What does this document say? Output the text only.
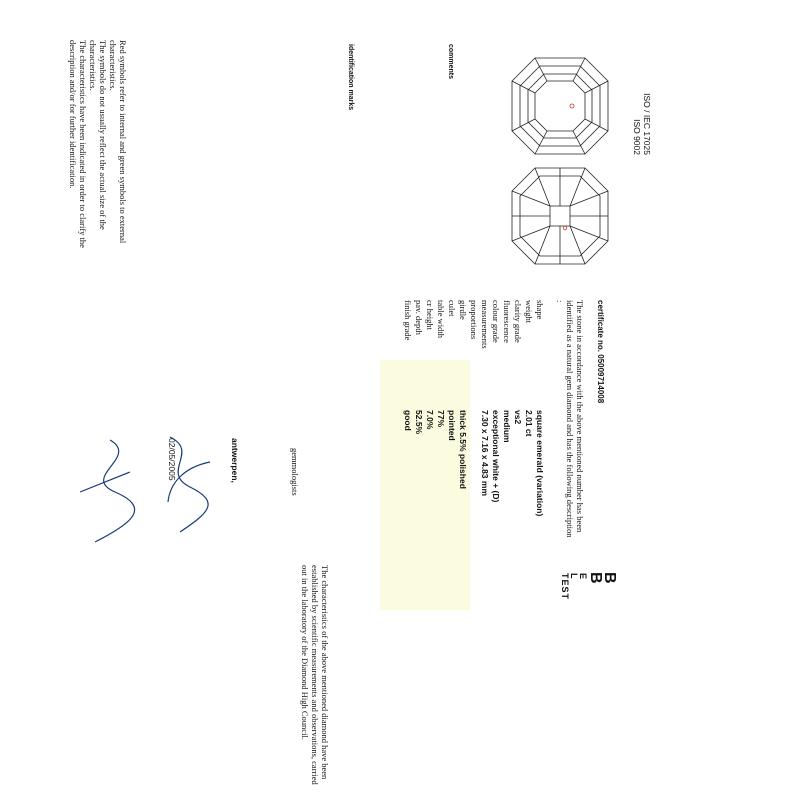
ISO / IEC 17025
ISO 9002
B
B
E
L
TEST
comments
identification marks
Red symbols refer to internal and green symbols to external characteristics.
The symbols do not usually reflect the actual size of the characteristics.
The characteristics have been indicated in order to clarify the description and/or for further identification.
certificate no. 05009714008
The stone in accordance with the above mentioned number has been identified as a natural gem diamond and has the following description :
shape
square emerald (variation)
weight
2.01 ct
clarity grade
vs2
fluorescence
medium
colour grade
exceptional white + (D)
measurements
7.30 x 7.16 x 4.83 mm
proportions
girdle
thick 5.5% polished
culet
pointed
table width
77%
cr height
7.0%
pav. depth
52.5%
finish grade
good
antwerpen,
02/05/2005	gemmologists
The characteristics of the above mentioned diamond have been established by scientific measurements and observations, carried out in the laboratory of the Diamond High Council.
